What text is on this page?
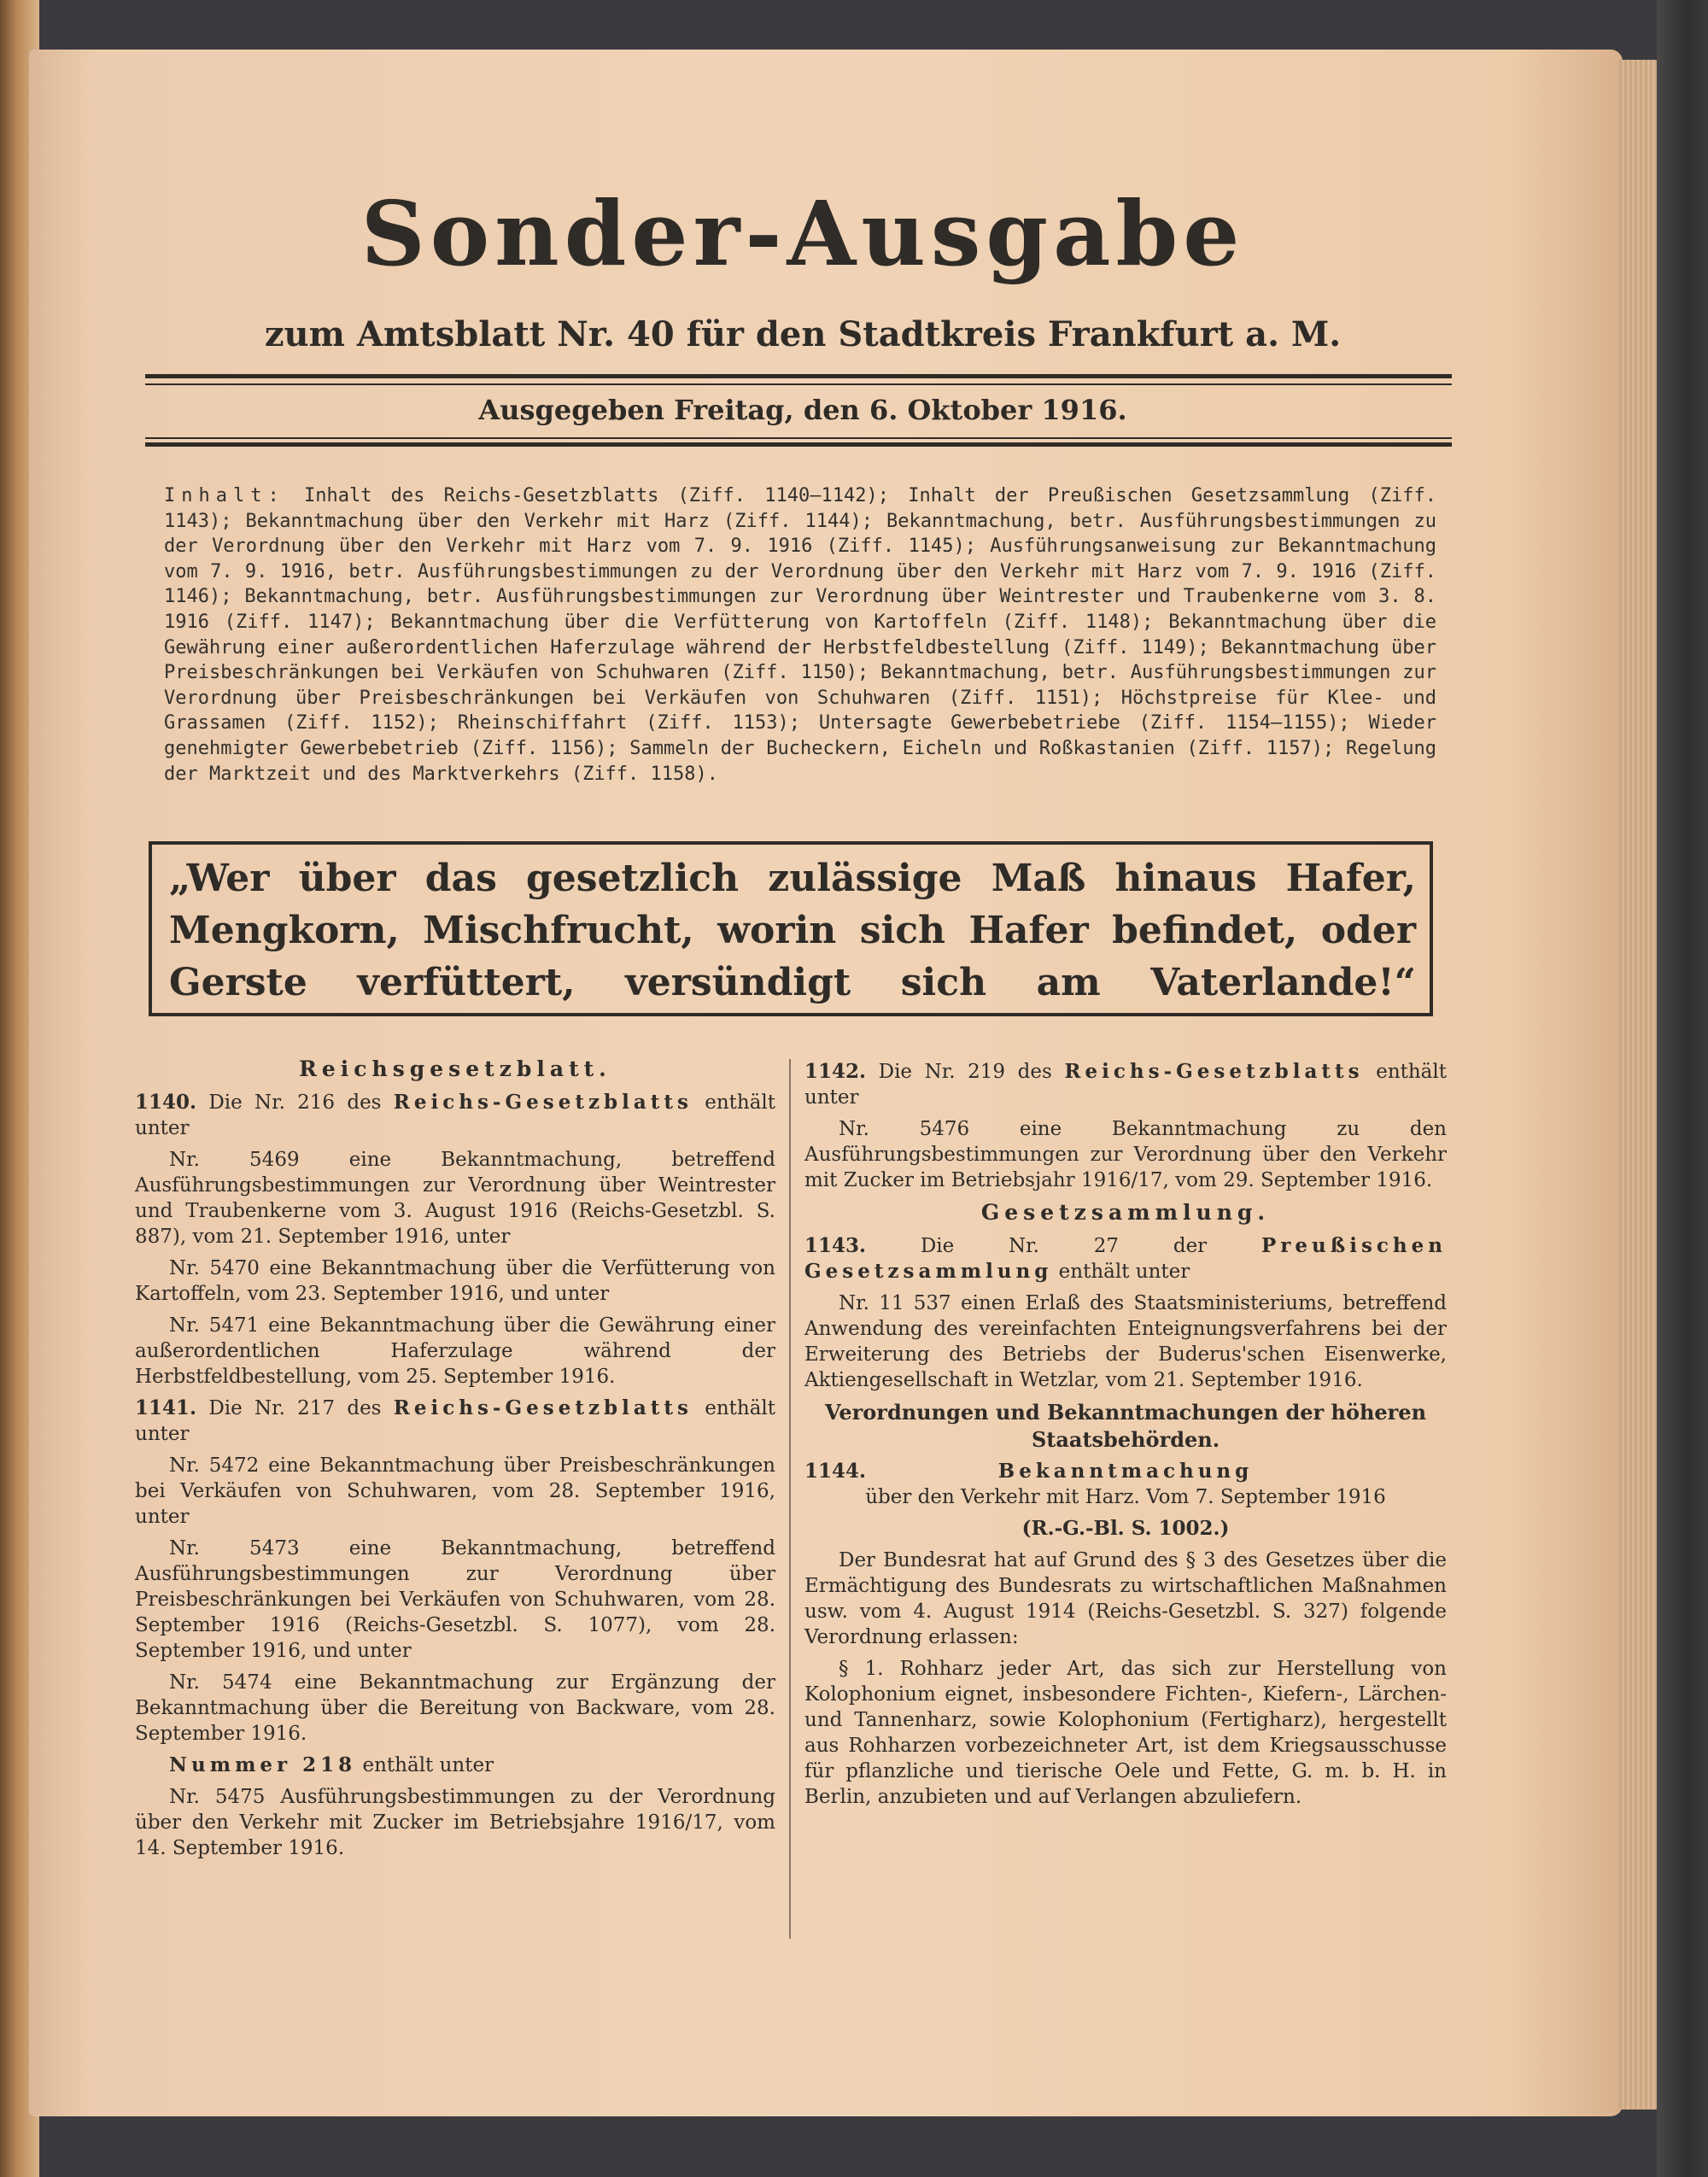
Sonder-Ausgabe
zum Amtsblatt Nr. 40 für den Stadtkreis Frankfurt a. M.
Ausgegeben Freitag, den 6. Oktober 1916.
Inhalt: Inhalt des Reichs-Gesetzblatts (Ziff. 1140—1142); Inhalt der Preußischen Gesetzsammlung (Ziff. 1143); Bekanntmachung über den Verkehr mit Harz (Ziff. 1144); Bekanntmachung, betr. Ausführungsbestimmungen zu der Verordnung über den Verkehr mit Harz vom 7. 9. 1916 (Ziff. 1145); Ausführungsanweisung zur Bekanntmachung vom 7. 9. 1916, betr. Ausführungsbestimmungen zu der Verordnung über den Verkehr mit Harz vom 7. 9. 1916 (Ziff. 1146); Bekanntmachung, betr. Ausführungsbestimmungen zur Verordnung über Weintrester und Traubenkerne vom 3. 8. 1916 (Ziff. 1147); Bekanntmachung über die Verfütterung von Kartoffeln (Ziff. 1148); Bekanntmachung über die Gewährung einer außerordentlichen Haferzulage während der Herbstfeldbestellung (Ziff. 1149); Bekanntmachung über Preisbeschränkungen bei Verkäufen von Schuhwaren (Ziff. 1150); Bekanntmachung, betr. Ausführungsbestimmungen zur Verordnung über Preisbeschränkungen bei Verkäufen von Schuhwaren (Ziff. 1151); Höchstpreise für Klee- und Grassamen (Ziff. 1152); Rheinschiffahrt (Ziff. 1153); Untersagte Gewerbebetriebe (Ziff. 1154—1155); Wieder genehmigter Gewerbebetrieb (Ziff. 1156); Sammeln der Bucheckern, Eicheln und Roßkastanien (Ziff. 1157); Regelung der Marktzeit und des Marktverkehrs (Ziff. 1158).
„Wer über das gesetzlich zulässige Maß hinaus Hafer, Mengkorn, Mischfrucht, worin sich Hafer befindet, oder Gerste verfüttert, versündigt sich am Vaterlande!“
Reichsgesetzblatt.

1140. Die Nr. 216 des Reichs-Gesetzblatts enthält unter

Nr. 5469 eine Bekanntmachung, betreffend Ausführungsbestimmungen zur Verordnung über Weintrester und Traubenkerne vom 3. August 1916 (Reichs-Gesetzbl. S. 887), vom 21. September 1916, unter

Nr. 5470 eine Bekanntmachung über die Verfütterung von Kartoffeln, vom 23. September 1916, und unter

Nr. 5471 eine Bekanntmachung über die Gewährung einer außerordentlichen Haferzulage während der Herbstfeldbestellung, vom 25. September 1916.

1141. Die Nr. 217 des Reichs-Gesetzblatts enthält unter

Nr. 5472 eine Bekanntmachung über Preisbeschränkungen bei Verkäufen von Schuhwaren, vom 28. September 1916, unter

Nr. 5473 eine Bekanntmachung, betreffend Ausführungsbestimmungen zur Verordnung über Preisbeschränkungen bei Verkäufen von Schuhwaren, vom 28. September 1916 (Reichs-Gesetzbl. S. 1077), vom 28. September 1916, und unter

Nr. 5474 eine Bekanntmachung zur Ergänzung der Bekanntmachung über die Bereitung von Backware, vom 28. September 1916.

Nummer 218 enthält unter

Nr. 5475 Ausführungsbestimmungen zu der Verordnung über den Verkehr mit Zucker im Betriebsjahre 1916/17, vom 14. September 1916.

1142. Die Nr. 219 des Reichs-Gesetzblatts enthält unter

Nr. 5476 eine Bekanntmachung zu den Ausführungsbestimmungen zur Verordnung über den Verkehr mit Zucker im Betriebsjahr 1916/17, vom 29. September 1916.

Gesetzsammlung.

1143.	Die Nr. 27 der	Preußischen Gesetzsammlung enthält unter

Nr. 11 537 einen Erlaß des Staatsministeriums, betreffend Anwendung des vereinfachten Enteignungsverfahrens bei der Erweiterung des Betriebs der Buderus'schen Eisenwerke, Aktiengesellschaft in Wetzlar, vom 21. September 1916.

Verordnungen und Bekanntmachungen der höheren Staatsbehörden.
1144.	Bekanntmachung

über den Verkehr mit Harz. Vom 7. September 1916

(R.-G.-Bl. S. 1002.)

Der Bundesrat hat auf Grund des § 3 des Gesetzes über die Ermächtigung des Bundesrats zu wirtschaftlichen Maßnahmen usw. vom 4. August 1914 (Reichs-Gesetzbl. S. 327) folgende Verordnung erlassen:

§ 1. Rohharz jeder Art, das sich zur Herstellung von Kolophonium eignet, insbesondere Fichten-, Kiefern-, Lärchen- und Tannenharz, sowie Kolophonium (Fertigharz), hergestellt aus Rohharzen vorbezeichneter Art, ist dem Kriegsausschusse für pflanzliche und tierische Oele und Fette, G. m. b. H. in Berlin, anzubieten und auf Verlangen abzuliefern.
